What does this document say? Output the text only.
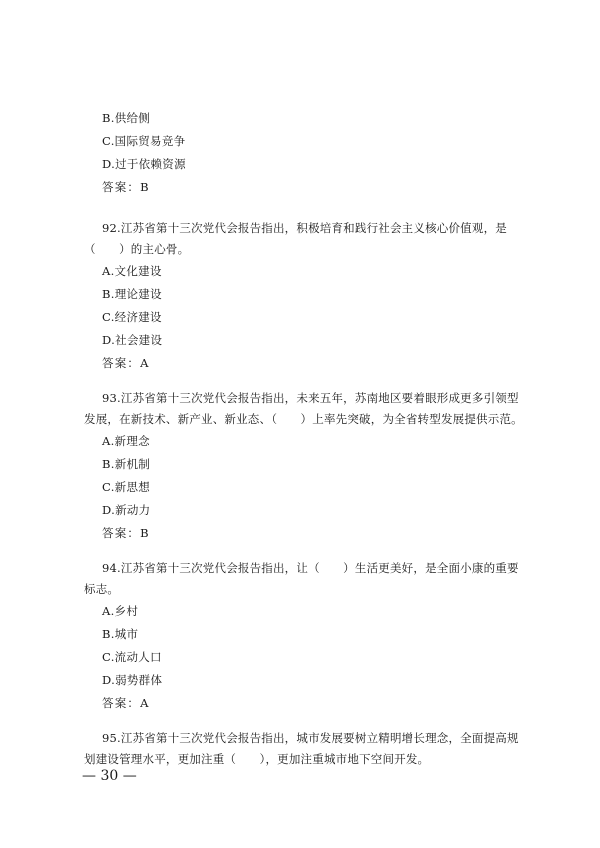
B.供给侧
C.国际贸易竞争
D.过于依赖资源
答案：B
92.江苏省第十三次党代会报告指出，积极培育和践行社会主义核心价值观，是
（　　）的主心骨。
A.文化建设
B.理论建设
C.经济建设
D.社会建设
答案：A
93.江苏省第十三次党代会报告指出，未来五年，苏南地区要着眼形成更多引领型
发展，在新技术、新产业、新业态、（　　）上率先突破，为全省转型发展提供示范。
A.新理念
B.新机制
C.新思想
D.新动力
答案：B
94.江苏省第十三次党代会报告指出，让（　　）生活更美好，是全面小康的重要
标志。
A.乡村
B.城市
C.流动人口
D.弱势群体
答案：A
95.江苏省第十三次党代会报告指出，城市发展要树立精明增长理念，全面提高规
划建设管理水平，更加注重（　　），更加注重城市地下空间开发。
— 30 —
